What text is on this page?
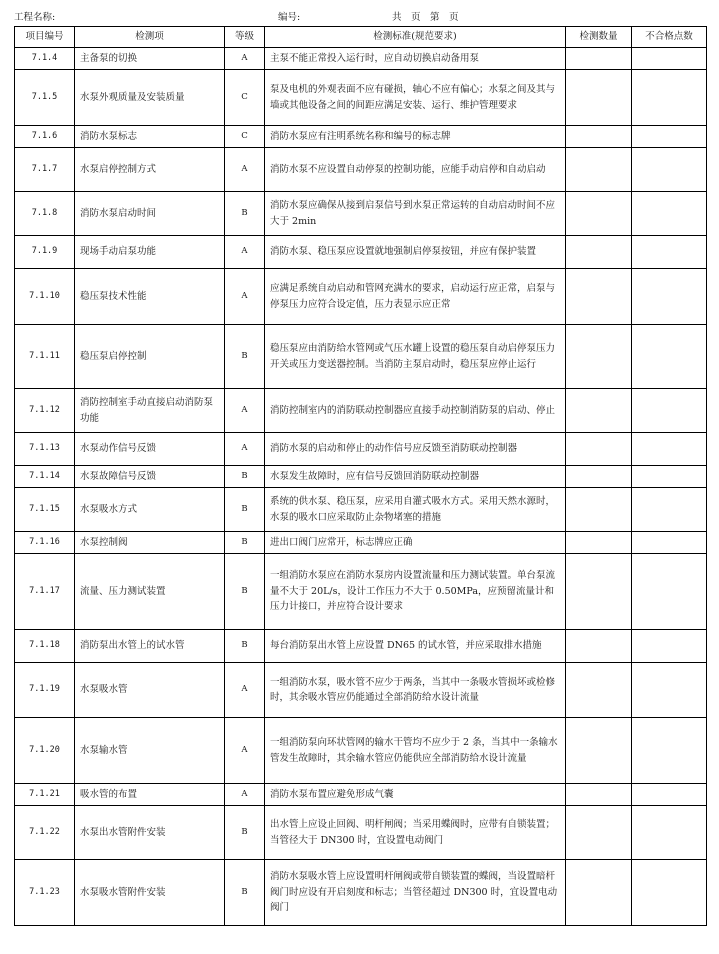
工程名称:	编号:	共　页　第　页
项目编号	检测项	等级	检测标准(规范要求)	检测数量	不合格点数
7.1.4	主备泵的切换	A	主泵不能正常投入运行时，应自动切换启动备用泵		
7.1.5	水泵外观质量及安装质量	C	泵及电机的外观表面不应有碰损，轴心不应有偏心；水泵之间及其与墙或其他设备之间的间距应满足安装、运行、维护管理要求		
7.1.6	消防水泵标志	C	消防水泵应有注明系统名称和编号的标志牌		
7.1.7	水泵启停控制方式	A	消防水泵不应设置自动停泵的控制功能，应能手动启停和自动启动		
7.1.8	消防水泵启动时间	B	消防水泵应确保从接到启泵信号到水泵正常运转的自动启动时间不应大于 2min		
7.1.9	现场手动启泵功能	A	消防水泵、稳压泵应设置就地强制启停泵按钮，并应有保护装置		
7.1.10	稳压泵技术性能	A	应满足系统自动启动和管网充满水的要求，启动运行应正常，启泵与停泵压力应符合设定值，压力表显示应正常		
7.1.11	稳压泵启停控制	B	稳压泵应由消防给水管网或气压水罐上设置的稳压泵自动启停泵压力开关或压力变送器控制。当消防主泵启动时，稳压泵应停止运行		
7.1.12	消防控制室手动直接启动消防泵功能	A	消防控制室内的消防联动控制器应直接手动控制消防泵的启动、停止		
7.1.13	水泵动作信号反馈	A	消防水泵的启动和停止的动作信号应反馈至消防联动控制器		
7.1.14	水泵故障信号反馈	B	水泵发生故障时，应有信号反馈回消防联动控制器		
7.1.15	水泵吸水方式	B	系统的供水泵、稳压泵，应采用自灌式吸水方式。采用天然水源时，水泵的吸水口应采取防止杂物堵塞的措施		
7.1.16	水泵控制阀	B	进出口阀门应常开，标志牌应正确		
7.1.17	流量、压力测试装置	B	一组消防水泵应在消防水泵房内设置流量和压力测试装置。单台泵流量不大于 20L/s，设计工作压力不大于 0.50MPa，应预留流量计和压力计接口，并应符合设计要求		
7.1.18	消防泵出水管上的试水管	B	每台消防泵出水管上应设置 DN65 的试水管，并应采取排水措施		
7.1.19	水泵吸水管	A	一组消防水泵，吸水管不应少于两条，当其中一条吸水管损坏或检修时，其余吸水管应仍能通过全部消防给水设计流量		
7.1.20	水泵输水管	A	一组消防泵向环状管网的输水干管均不应少于 2 条，当其中一条输水管发生故障时，其余输水管应仍能供应全部消防给水设计流量		
7.1.21	吸水管的布置	A	消防水泵布置应避免形成气囊		
7.1.22	水泵出水管附件安装	B	出水管上应设止回阀、明杆闸阀；当采用蝶阀时，应带有自锁装置；当管径大于 DN300 时，宜设置电动阀门		
7.1.23	水泵吸水管附件安装	B	消防水泵吸水管上应设置明杆闸阀或带自锁装置的蝶阀，当设置暗杆阀门时应设有开启刻度和标志；当管径超过 DN300 时，宜设置电动阀门		
